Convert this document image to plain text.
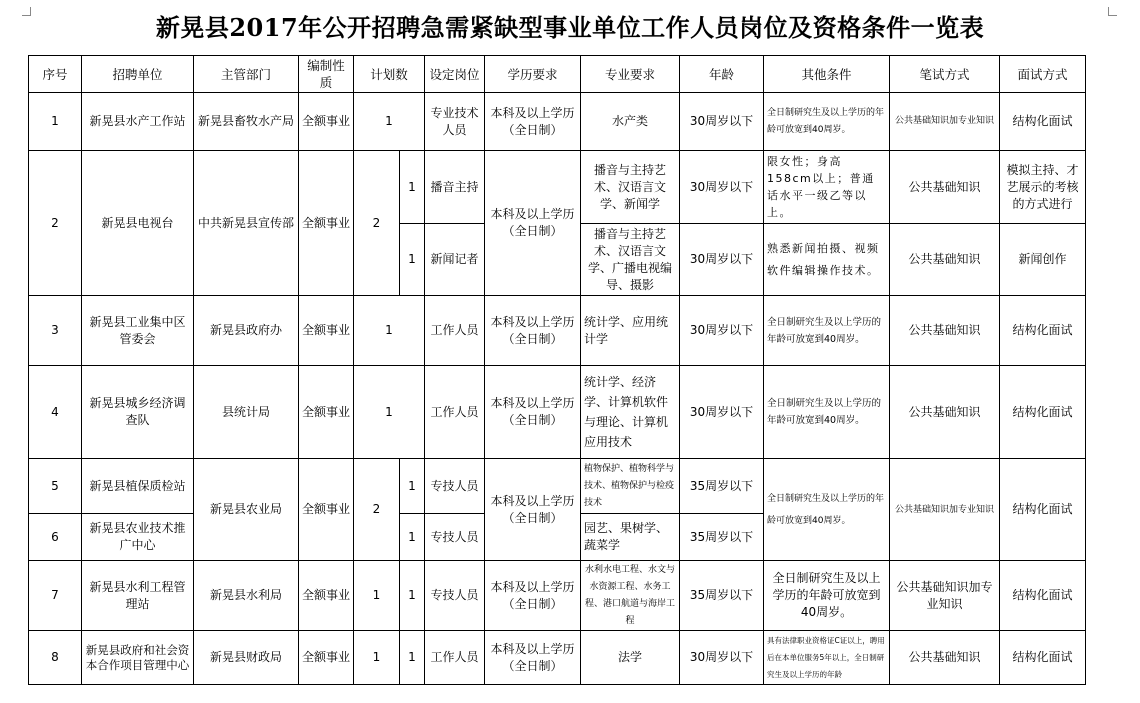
新晃县2017年公开招聘急需紧缺型事业单位工作人员岗位及资格条件一览表
序号	招聘单位	主管部门	编制性质	计划数		设定岗位	学历要求	专业要求	年龄	其他条件	笔试方式	面试方式
1	新晃县水产工作站	新晃县畜牧水产局	全额事业	1		专业技术人员	本科及以上学历（全日制）	水产类	30周岁以下	全日制研究生及以上学历的年龄可放宽到40周岁。	公共基础知识加专业知识	结构化面试
2	新晃县电视台	中共新晃县宣传部	全额事业	2	1	播音主持	本科及以上学历（全日制）	播音与主持艺术、汉语言文学、新闻学	30周岁以下	限女性；身高158cm以上；普通话水平一级乙等以上。	公共基础知识	模拟主持、才艺展示的考核的方式进行
					1	新闻记者		播音与主持艺术、汉语言文学、广播电视编导、摄影	30周岁以下	熟悉新闻拍摄、视频软件编辑操作技术。	公共基础知识	新闻创作
3	新晃县工业集中区管委会	新晃县政府办	全额事业	1		工作人员	本科及以上学历（全日制）	统计学、应用统计学	30周岁以下	全日制研究生及以上学历的年龄可放宽到40周岁。	公共基础知识	结构化面试
4	新晃县城乡经济调查队	县统计局	全额事业	1		工作人员	本科及以上学历（全日制）	统计学、经济学、计算机软件与理论、计算机应用技术	30周岁以下	全日制研究生及以上学历的年龄可放宽到40周岁。	公共基础知识	结构化面试
5	新晃县植保质检站	新晃县农业局	全额事业	2	1	专技人员	本科及以上学历（全日制）	植物保护、植物科学与技术、植物保护与检疫技术	35周岁以下	全日制研究生及以上学历的年龄可放宽到40周岁。	公共基础知识加专业知识	结构化面试
6	新晃县农业技术推广中心				1	专技人员		园艺、果树学、蔬菜学	35周岁以下			
7	新晃县水利工程管理站	新晃县水利局	全额事业	1	1	专技人员	本科及以上学历（全日制）	水利水电工程、水文与水资源工程、水务工程、港口航道与海岸工程	35周岁以下	全日制研究生及以上学历的年龄可放宽到40周岁。	公共基础知识加专业知识	结构化面试
8	新晃县政府和社会资本合作项目管理中心	新晃县财政局	全额事业	1	1	工作人员	本科及以上学历（全日制）	法学	30周岁以下	具有法律职业资格证C证以上，聘用后在本单位服务5年以上，全日制研究生及以上学历的年龄	公共基础知识	结构化面试
